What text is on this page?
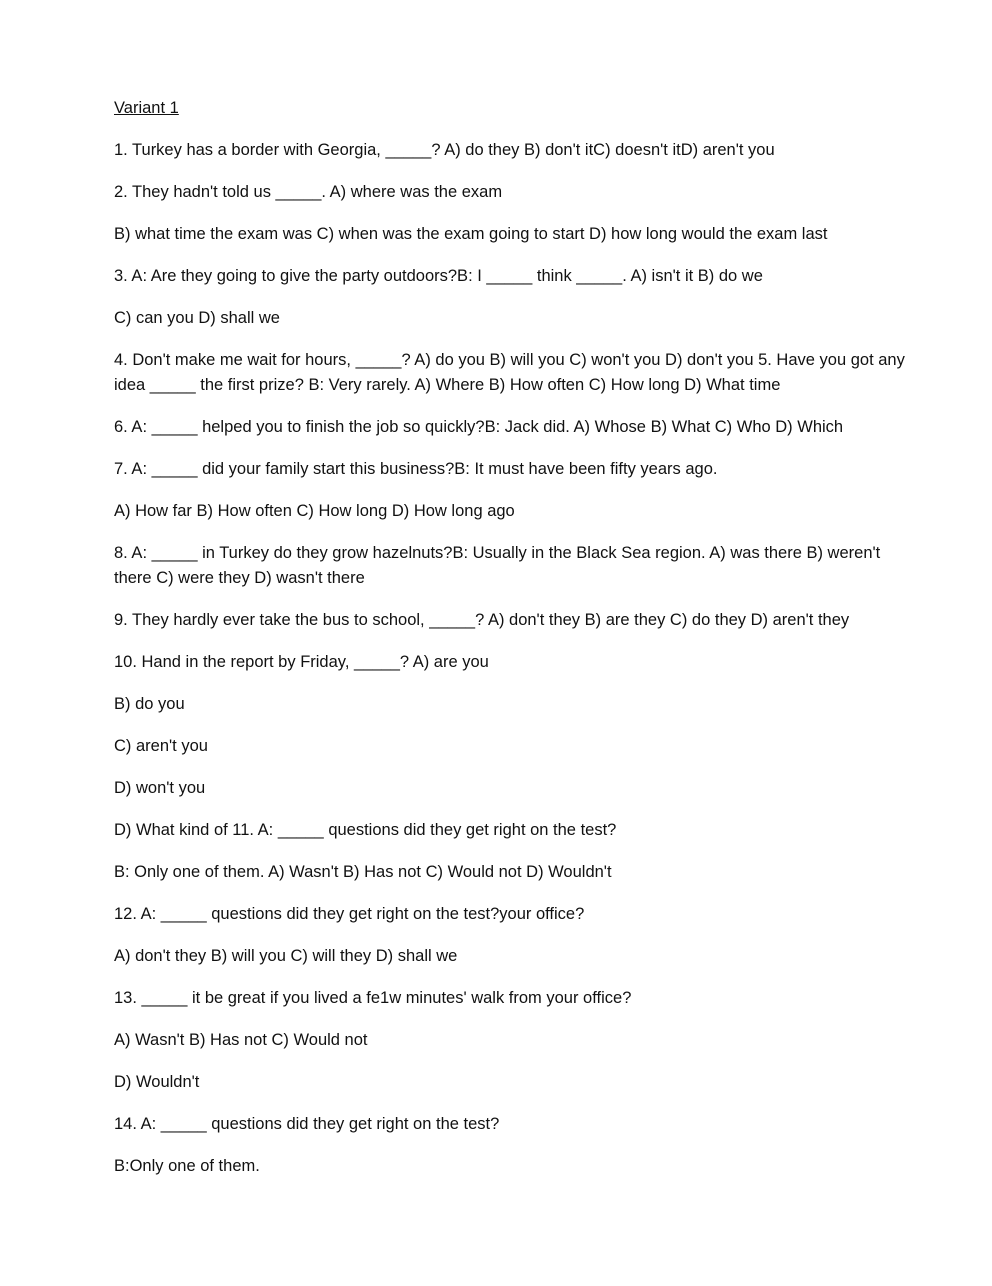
Variant 1
1. Turkey has a border with Georgia, _____? A) do they B) don't itC) doesn't itD) aren't you
2. They hadn't told us _____. A) where was the exam
B) what time the exam was C) when was the exam going to start D) how long would the exam last
3. A: Are they going to give the party outdoors?B: I _____ think _____. A) isn't it B) do we
C) can you D) shall we
4. Don't make me wait for hours, _____? A) do you B) will you C) won't you D) don't you 5. Have you got any idea _____ the first prize? B: Very rarely. A) Where B) How often C) How long D) What time
6. A: _____ helped you to finish the job so quickly?B: Jack did. A) Whose B) What C) Who D) Which
7. A: _____ did your family start this business?B: It must have been fifty years ago.
A) How far B) How often C) How long D) How long ago
8. A: _____ in Turkey do they grow hazelnuts?B: Usually in the Black Sea region. A) was there B) weren't there C) were they D) wasn't there
9. They hardly ever take the bus to school, _____? A) don't they B) are they C) do they D) aren't they
10. Hand in the report by Friday, _____? A) are you
B) do you
C) aren't you
D) won't you
D) What kind of 11. A: _____ questions did they get right on the test?
B: Only one of them. A) Wasn't B) Has not C) Would not D) Wouldn't
12. A: _____ questions did they get right on the test?your office?
A) don't they B) will you C) will they D) shall we
13. _____ it be great if you lived a fe1w minutes' walk from your office?
A) Wasn't B) Has not C) Would not
D) Wouldn't
14. A: _____ questions did they get right on the test?
B:Only one of them.
